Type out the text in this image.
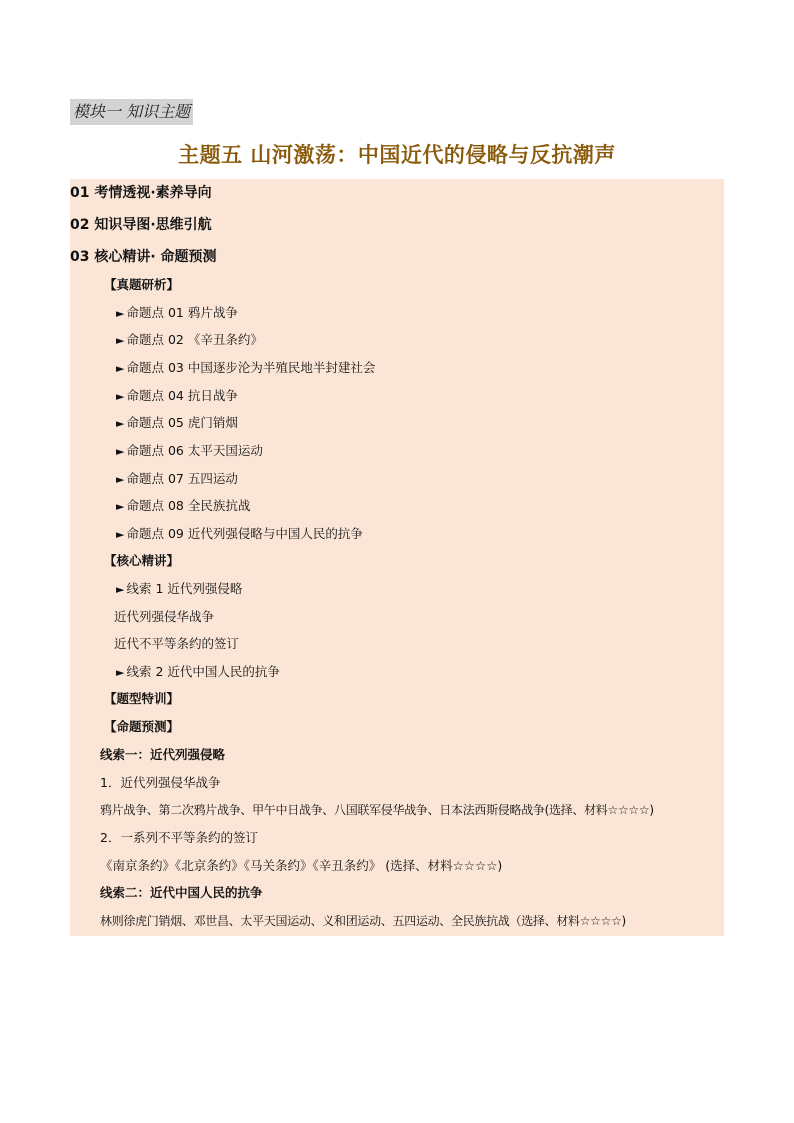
模块一 知识主题
主题五 山河激荡：中国近代的侵略与反抗潮声
01 考情透视·素养导向
02 知识导图·思维引航
03 核心精讲· 命题预测
【真题研析】
► 命题点 01 鸦片战争
► 命题点 02 《辛丑条约》
► 命题点 03 中国逐步沦为半殖民地半封建社会
► 命题点 04 抗日战争
► 命题点 05 虎门销烟
► 命题点 06 太平天国运动
► 命题点 07 五四运动
► 命题点 08 全民族抗战
► 命题点 09 近代列强侵略与中国人民的抗争
【核心精讲】
► 线索 1 近代列强侵略
近代列强侵华战争
近代不平等条约的签订
► 线索 2 近代中国人民的抗争
【题型特训】
【命题预测】
线索一：近代列强侵略
1．近代列强侵华战争
鸦片战争、第二次鸦片战争、甲午中日战争、八国联军侵华战争、日本法西斯侵略战争(选择、材料☆☆☆☆)
2．一系列不平等条约的签订
《南京条约》《北京条约》《马关条约》《辛丑条约》 (选择、材料☆☆☆☆)
线索二：近代中国人民的抗争
林则徐虎门销烟、邓世昌、太平天国运动、义和团运动、五四运动、全民族抗战（选择、材料☆☆☆☆)
